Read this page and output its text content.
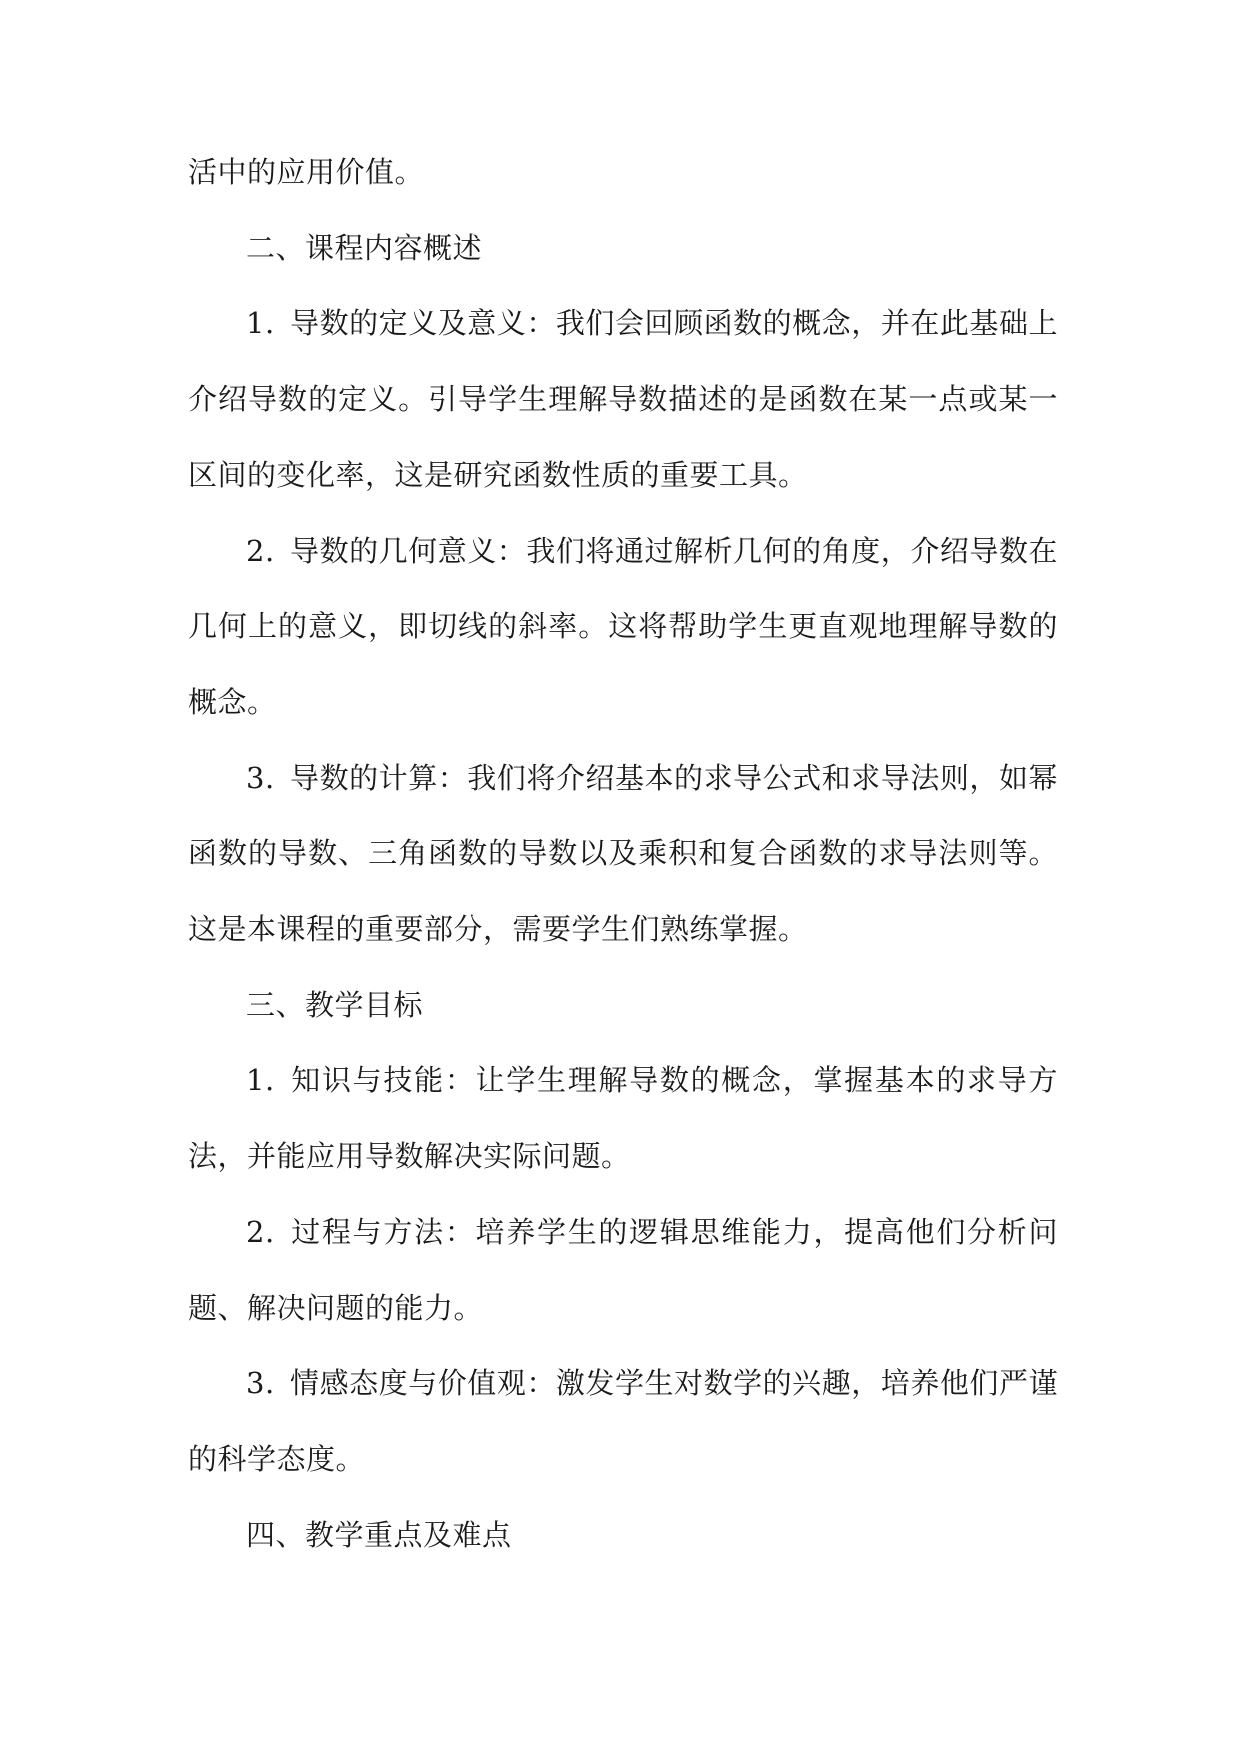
活中的应用价值。

二、课程内容概述

1. 导数的定义及意义：我们会回顾函数的概念，并在此基础上介绍导数的定义。引导学生理解导数描述的是函数在某一点或某一区间的变化率，这是研究函数性质的重要工具。

2. 导数的几何意义：我们将通过解析几何的角度，介绍导数在几何上的意义，即切线的斜率。这将帮助学生更直观地理解导数的概念。

3. 导数的计算：我们将介绍基本的求导公式和求导法则，如幂函数的导数、三角函数的导数以及乘积和复合函数的求导法则等。这是本课程的重要部分，需要学生们熟练掌握。

三、教学目标

1. 知识与技能：让学生理解导数的概念，掌握基本的求导方法，并能应用导数解决实际问题。

2. 过程与方法：培养学生的逻辑思维能力，提高他们分析问题、解决问题的能力。

3. 情感态度与价值观：激发学生对数学的兴趣，培养他们严谨的科学态度。

四、教学重点及难点
